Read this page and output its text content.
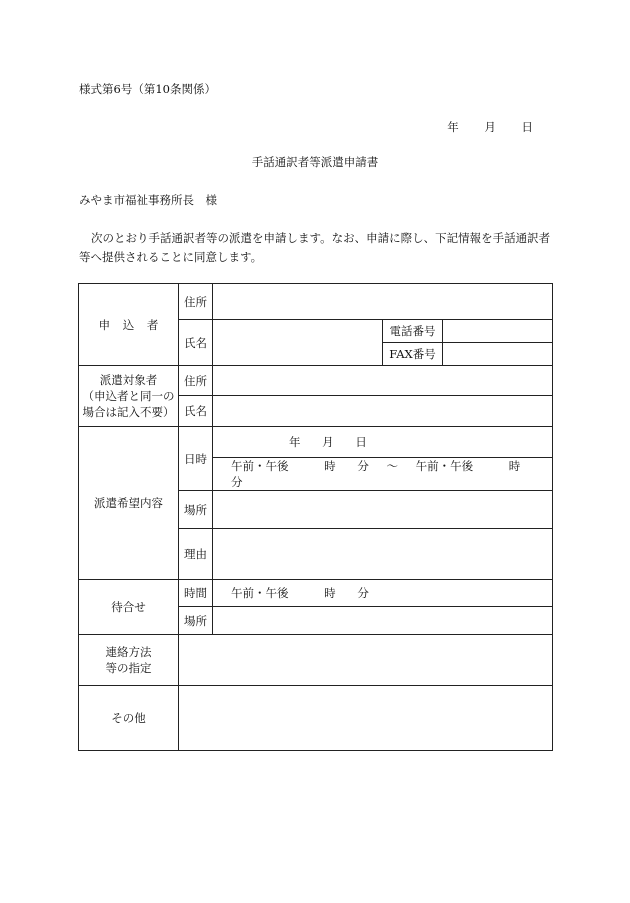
様式第6号（第10条関係）
年 月 日
手話通訳者等派遣申請書
みやま市福祉事務所長　様
次のとおり手話通訳者等の派遣を申請します。なお、申請に際し、下記情報を手話通訳者等へ提供されることに同意します。
申込者	住所			
	氏名		電話番号	
			FAX番号	

派遣対象者
（申込者と同一の
場合は記入不要）	住所			
	氏名			
派遣希望内容	日時	年 月 日		
		午前・午後 時 分 ～ 午前・午後 時 分		
	場所			
	理由			
待合せ	時間	午前・午後 時 分		
	場所			

連絡方法
等の指定				

その他				
